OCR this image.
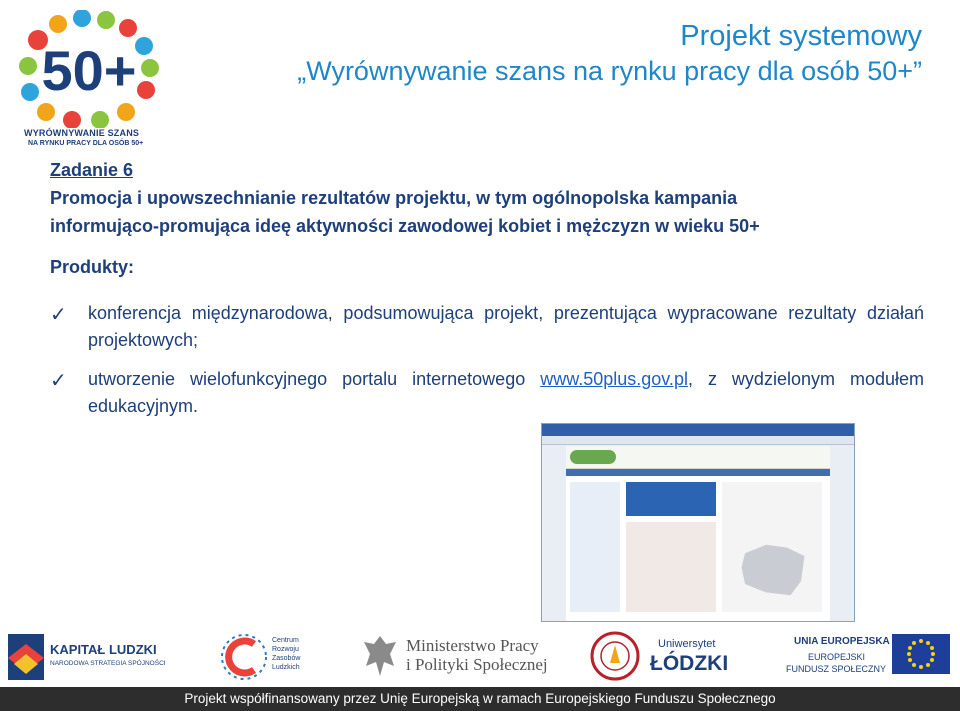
50+
WYRÓWNYWANIE SZANS
NA RYNKU PRACY DLA OSÓB 50+
Projekt systemowy
„Wyrównywanie szans na rynku pracy dla osób 50+”
Zadanie 6
Promocja i upowszechnianie rezultatów projektu, w tym ogólnopolska kampania
informująco-promująca ideę aktywności zawodowej kobiet i mężczyzn w wieku 50+
Produkty:
✓ konferencja międzynarodowa, podsumowująca projekt, prezentująca wypracowane rezultaty działań projektowych;
✓ utworzenie wielofunkcyjnego portalu internetowego www.50plus.gov.pl, z wydzielonym modułem edukacyjnym.
KAPITAŁ LUDZKI
NARODOWA STRATEGIA SPÓJNOŚCI
Centrum
Rozwoju
Zasobów
Ludzkich
Ministerstwo Pracy
i Polityki Społecznej
Uniwersytet
ŁÓDZKI
UNIA EUROPEJSKA
EUROPEJSKI
FUNDUSZ SPOŁECZNY
Projekt współfinansowany przez Unię Europejską w ramach Europejskiego Funduszu Społecznego
